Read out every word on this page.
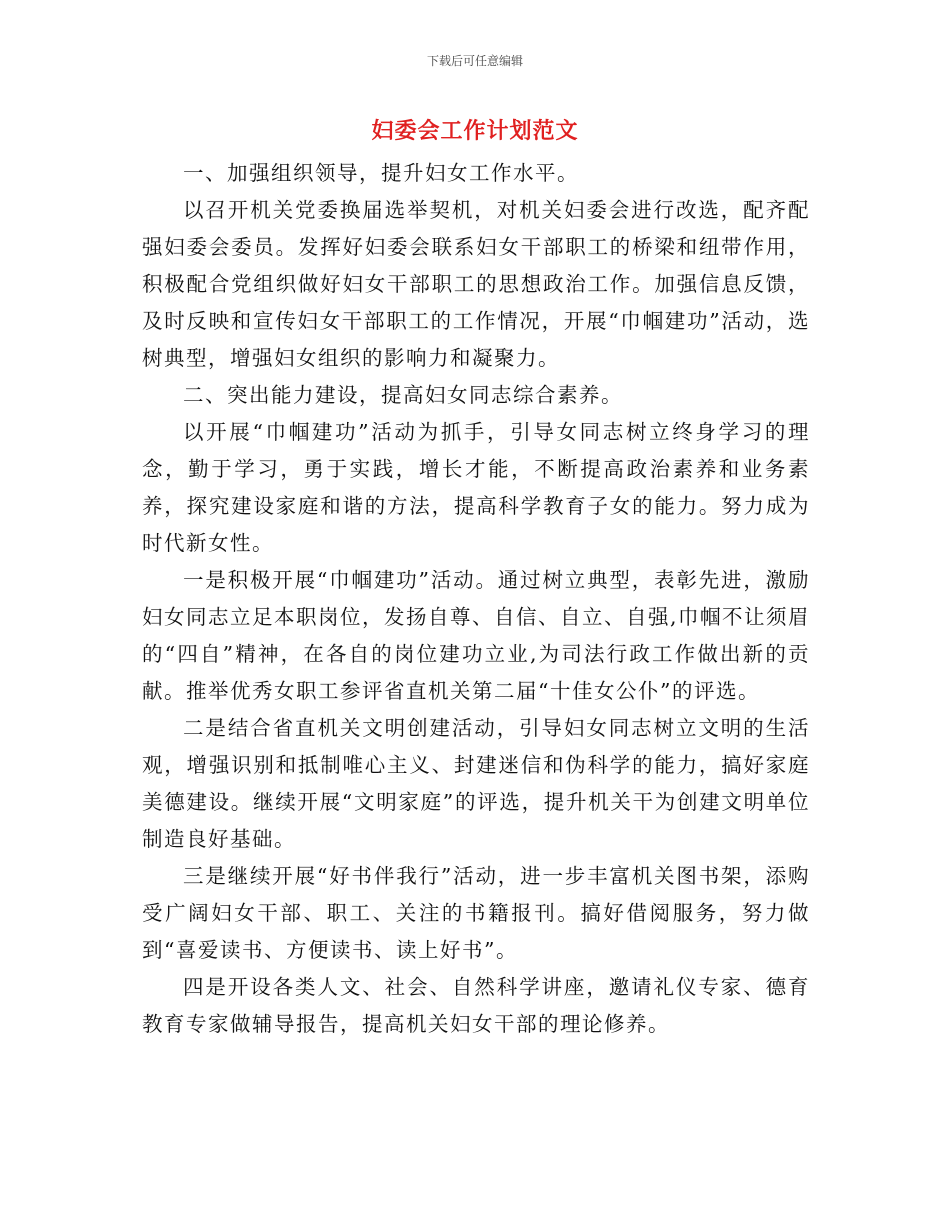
下载后可任意编辑
妇委会工作计划范文

一、加强组织领导，提升妇女工作水平。

以召开机关党委换届选举契机，对机关妇委会进行改选，配齐配强妇委会委员。发挥好妇委会联系妇女干部职工的桥梁和纽带作用，积极配合党组织做好妇女干部职工的思想政治工作。加强信息反馈，及时反映和宣传妇女干部职工的工作情况，开展“巾帼建功”活动，选树典型，增强妇女组织的影响力和凝聚力。

二、突出能力建设，提高妇女同志综合素养。

以开展“巾帼建功”活动为抓手，引导女同志树立终身学习的理念，勤于学习，勇于实践，增长才能，不断提高政治素养和业务素养，探究建设家庭和谐的方法，提高科学教育子女的能力。努力成为时代新女性。

一是积极开展“巾帼建功”活动。通过树立典型，表彰先进，激励妇女同志立足本职岗位，发扬自尊、自信、自立、自强,巾帼不让须眉的“四自”精神，在各自的岗位建功立业,为司法行政工作做出新的贡献。推举优秀女职工参评省直机关第二届“十佳女公仆”的评选。

二是结合省直机关文明创建活动，引导妇女同志树立文明的生活观，增强识别和抵制唯心主义、封建迷信和伪科学的能力，搞好家庭美德建设。继续开展“文明家庭”的评选，提升机关干为创建文明单位制造良好基础。

三是继续开展“好书伴我行”活动，进一步丰富机关图书架，添购受广阔妇女干部、职工、关注的书籍报刊。搞好借阅服务，努力做到“喜爱读书、方便读书、读上好书”。

四是开设各类人文、社会、自然科学讲座，邀请礼仪专家、德育教育专家做辅导报告，提高机关妇女干部的理论修养。
